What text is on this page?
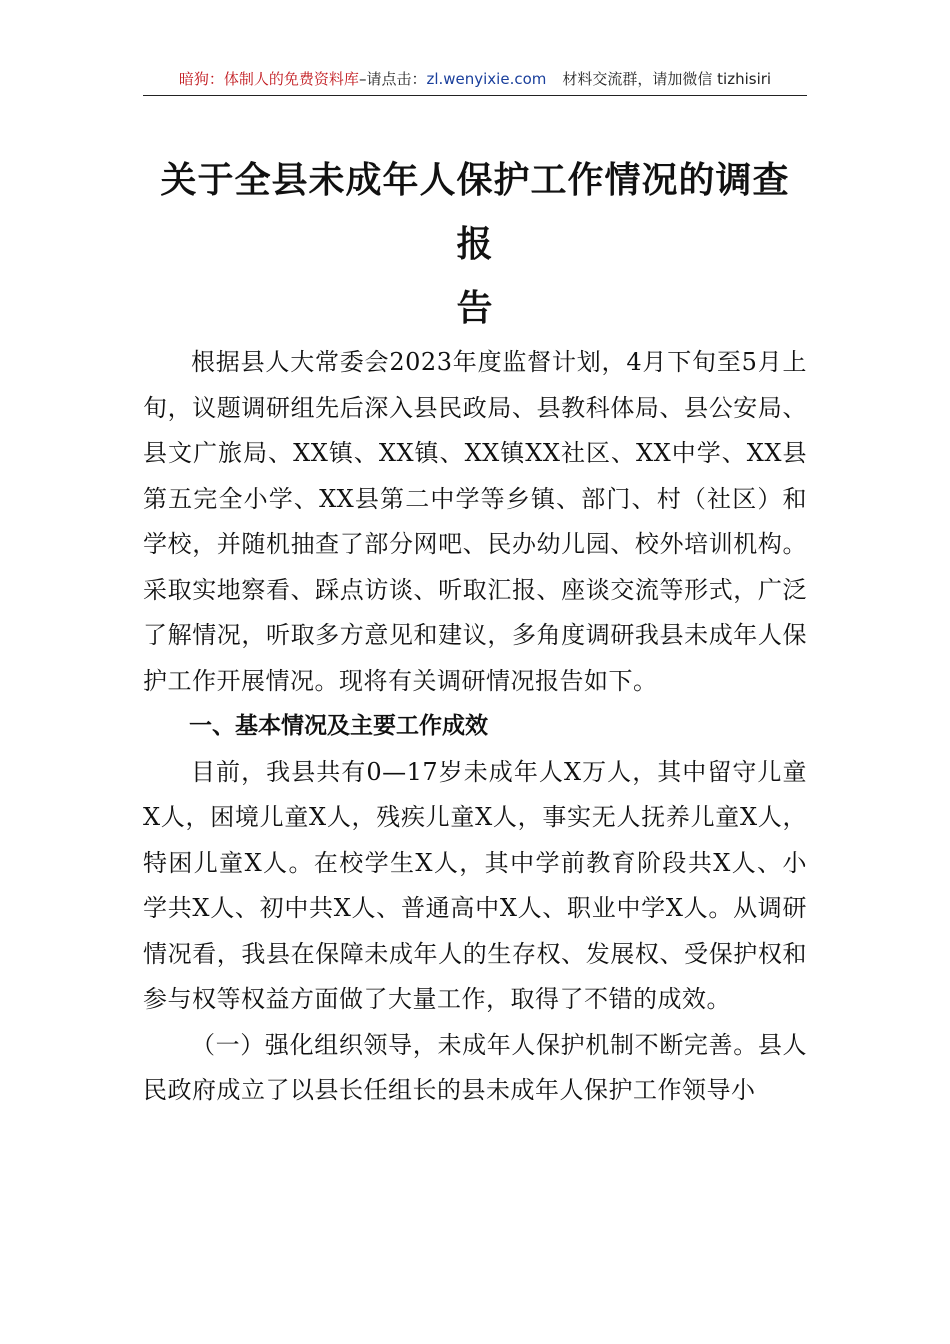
暗狗：体制人的免费资料库–请点击：zl.wenyixie.com 材料交流群，请加微信 tizhisiri
关于全县未成年人保护工作情况的调查报
告

根据县人大常委会2023年度监督计划，4月下旬至5月上旬，议题调研组先后深入县民政局、县教科体局、县公安局、县文广旅局、XX镇、XX镇、XX镇XX社区、XX中学、XX县第五完全小学、XX县第二中学等乡镇、部门、村（社区）和学校，并随机抽查了部分网吧、民办幼儿园、校外培训机构。采取实地察看、踩点访谈、听取汇报、座谈交流等形式，广泛了解情况，听取多方意见和建议，多角度调研我县未成年人保护工作开展情况。现将有关调研情况报告如下。

一、基本情况及主要工作成效

目前，我县共有0—17岁未成年人X万人，其中留守儿童X人，困境儿童X人，残疾儿童X人，事实无人抚养儿童X人，特困儿童X人。在校学生X人，其中学前教育阶段共X人、小学共X人、初中共X人、普通高中X人、职业中学X人。从调研情况看，我县在保障未成年人的生存权、发展权、受保护权和参与权等权益方面做了大量工作，取得了不错的成效。

（一）强化组织领导，未成年人保护机制不断完善。县人民政府成立了以县长任组长的县未成年人保护工作领导小
